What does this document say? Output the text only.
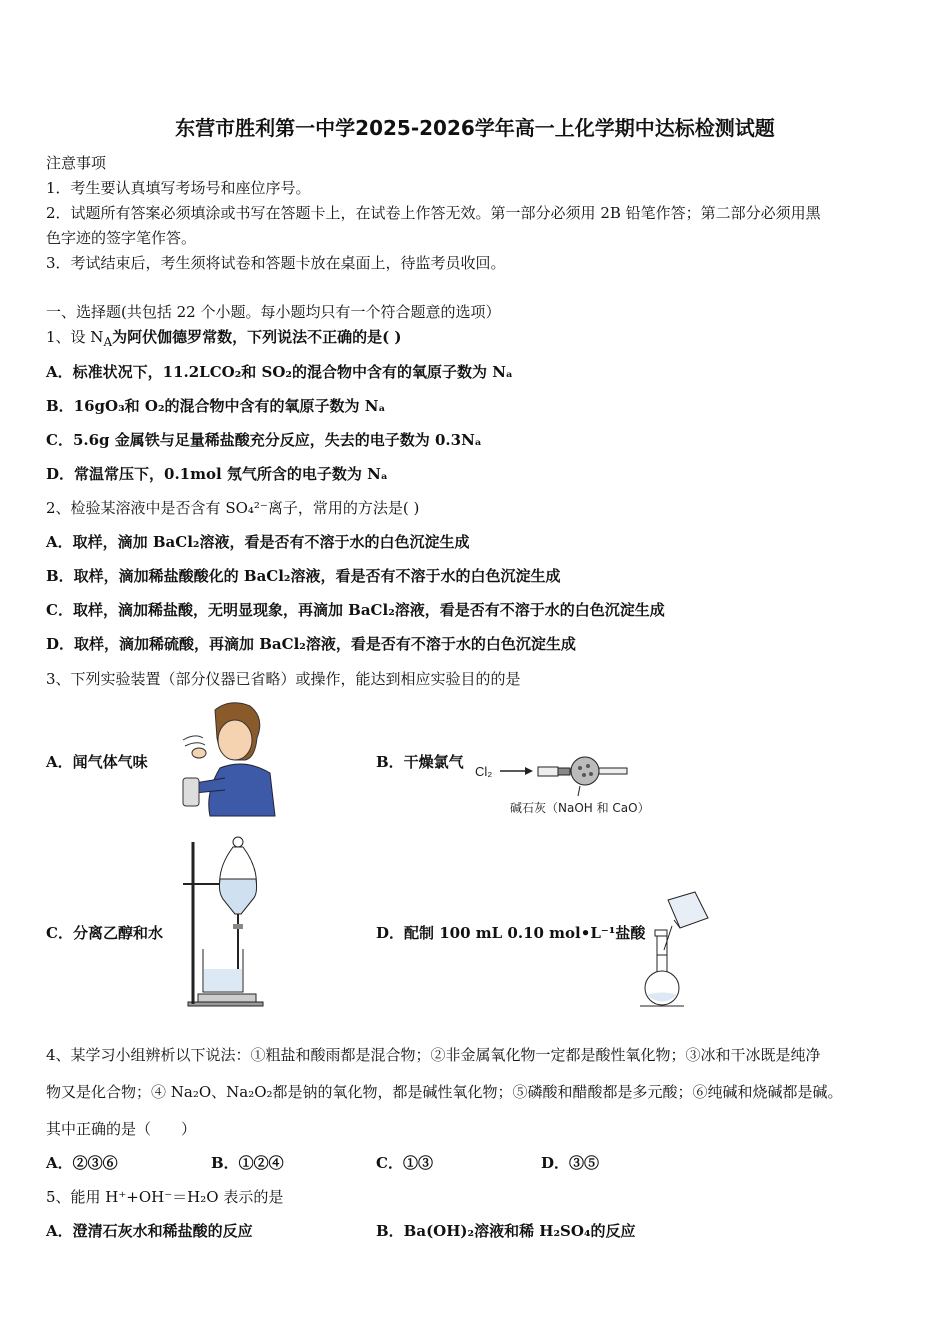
东营市胜利第一中学2025-2026学年高一上化学期中达标检测试题
注意事项
1．考生要认真填写考场号和座位序号。
2．试题所有答案必须填涂或书写在答题卡上，在试卷上作答无效。第一部分必须用 2B 铅笔作答；第二部分必须用黑
色字迹的签字笔作答。
3．考试结束后，考生须将试卷和答题卡放在桌面上，待监考员收回。
一、选择题(共包括 22 个小题。每小题均只有一个符合题意的选项）
1、设 $N_A$为阿伏伽德罗常数，下列说法不正确的是( )
A．标准状况下，11.2LCO₂和 SO₂的混合物中含有的氧原子数为 Nₐ
B．16gO₃和 O₂的混合物中含有的氧原子数为 Nₐ
C．5.6g 金属铁与足量稀盐酸充分反应，失去的电子数为 0.3Nₐ
D．常温常压下，0.1mol 氖气所含的电子数为 Nₐ
2、检验某溶液中是否含有 SO₄²⁻离子，常用的方法是( )
A．取样，滴加 BaCl₂溶液，看是否有不溶于水的白色沉淀生成
B．取样，滴加稀盐酸酸化的 BaCl₂溶液，看是否有不溶于水的白色沉淀生成
C．取样，滴加稀盐酸，无明显现象，再滴加 BaCl₂溶液，看是否有不溶于水的白色沉淀生成
D．取样，滴加稀硫酸，再滴加 BaCl₂溶液，看是否有不溶于水的白色沉淀生成
3、下列实验装置（部分仪器已省略）或操作，能达到相应实验目的的是
A．闻气体气味	B．干燥氯气
C．分离乙醇和水	D．配制 100 mL 0.10 mol•L⁻¹盐酸
Cl₂
碱石灰（NaOH 和 CaO）
4、某学习小组辨析以下说法：①粗盐和酸雨都是混合物；②非金属氧化物一定都是酸性氧化物；③冰和干冰既是纯净
物又是化合物；④ Na₂O、Na₂O₂都是钠的氧化物，都是碱性氧化物；⑤磷酸和醋酸都是多元酸；⑥纯碱和烧碱都是碱。
其中正确的是（　　）
A．②③⑥	B．①②④	C．①③	D．③⑤
5、能用 H⁺+OH⁻＝H₂O 表示的是
A．澄清石灰水和稀盐酸的反应	B．Ba(OH)₂溶液和稀 H₂SO₄的反应
